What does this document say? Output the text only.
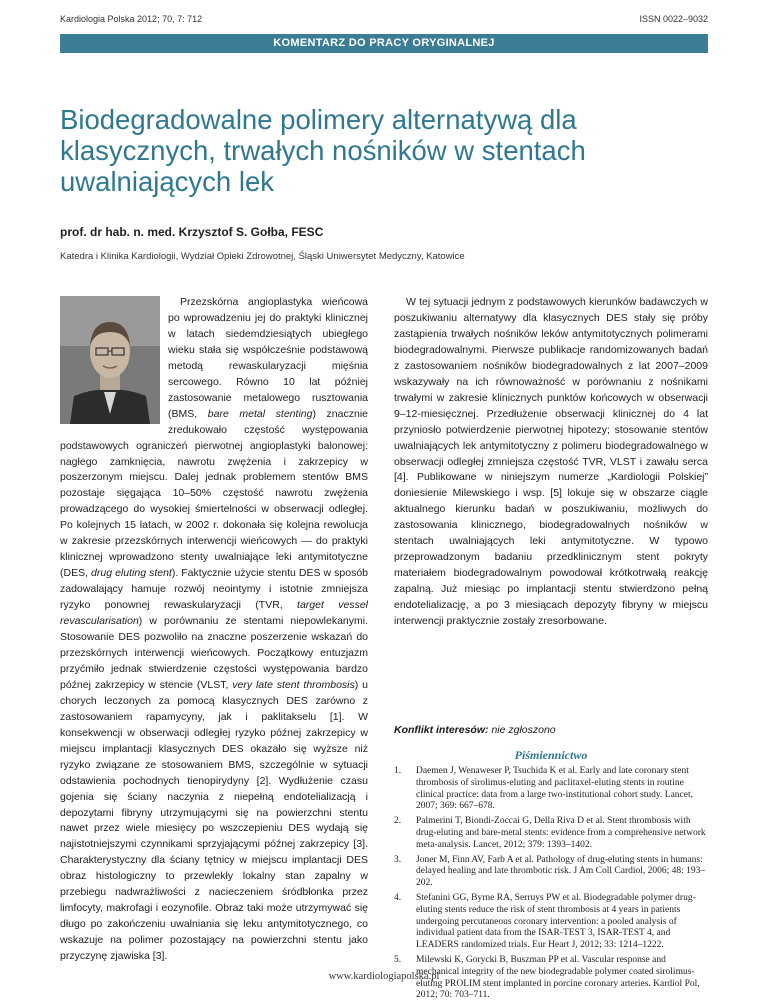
Kardiologia Polska 2012; 70, 7: 712	ISSN 0022–9032
KOMENTARZ DO PRACY ORYGINALNEJ
Biodegradowalne polimery alternatywą dla
klasycznych, trwałych nośników w stentach
uwalniających lek
prof. dr hab. n. med. Krzysztof S. Gołba, FESC
Katedra i Klinika Kardiologii, Wydział Opieki Zdrowotnej, Śląski Uniwersytet Medyczny, Katowice

Przezskórna angioplastyka wieńcowa po wprowadzeniu jej do praktyki klinicznej w latach siedemdziesiątych ubiegłego wieku stała się współcześnie podstawową metodą rewaskularyzacji mięśnia sercowego. Równo 10 lat później zastosowanie metalowego rusztowania (BMS, bare metal stenting) znacznie zredukowało częstość występowania podstawowych ograniczeń pierwotnej angioplastyki balonowej: nagłego zamknięcia, nawrotu zwężenia i zakrzepicy w poszerzonym miejscu. Dalej jednak problemem stentów BMS pozostaje sięgająca 10–50% częstość nawrotu zwężenia prowadzącego do wysokiej śmiertelności w obserwacji odległej. Po kolejnych 15 latach, w 2002 r. dokonała się kolejna rewolucja w zakresie przezskórnych interwencji wieńcowych — do praktyki klinicznej wprowadzono stenty uwalniające leki antymitotyczne (DES, drug eluting stent). Faktycznie użycie stentu DES w sposób zadowalający hamuje rozwój neointymy i istotnie zmniejsza ryzyko ponownej rewaskularyzacji (TVR, target vessel revascularisation) w porównaniu ze stentami niepowlekanymi. Stosowanie DES pozwoliło na znaczne poszerzenie wskazań do przezskórnych interwencji wieńcowych. Początkowy entuzjazm przyćmiło jednak stwierdzenie częstości występowania bardzo późnej zakrzepicy w stencie (VLST, very late stent thrombosis) u chorych leczonych za pomocą klasycznych DES zarówno z zastosowaniem rapamycyny, jak i paklitakselu [1]. W konsekwencji w obserwacji odległej ryzyko późnej zakrzepicy w miejscu implantacji klasycznych DES okazało się wyższe niż ryzyko związane ze stosowaniem BMS, szczególnie w sytuacji odstawienia pochodnych tienopirydyny [2]. Wydłużenie czasu gojenia się ściany naczynia z niepełną endotelializacją i depozytami fibryny utrzymującymi się na powierzchni stentu nawet przez wiele miesięcy po wszczepieniu DES wydają się najistotniejszymi czynnikami sprzyjającymi późnej zakrzepicy [3]. Charakterystyczny dla ściany tętnicy w miejscu implantacji DES obraz histologiczny to przewlekły lokalny stan zapalny w przebiegu nadwrażliwości z nacieczeniem śródbłonka przez limfocyty, makrofagi i eozynofile. Obraz taki może utrzymywać się długo po zakończeniu uwalniania się leku antymitotycznego, co wskazuje na polimer pozostający na powierzchni stentu jako przyczynę zjawiska [3].

W tej sytuacji jednym z podstawowych kierunków badawczych w poszukiwaniu alternatywy dla klasycznych DES stały się próby zastąpienia trwałych nośników leków antymitotycznych polimerami biodegradowalnymi. Pierwsze publikacje randomizowanych badań z zastosowaniem nośników biodegradowalnych z lat 2007–2009 wskazywały na ich równoważność w porównaniu z nośnikami trwałymi w zakresie klinicznych punktów końcowych w obserwacji 9–12-miesięcznej. Przedłużenie obserwacji klinicznej do 4 lat przyniosło potwierdzenie pierwotnej hipotezy; stosowanie stentów uwalniających lek antymitotyczny z polimeru biodegradowalnego w obserwacji odległej zmniejsza częstość TVR, VLST i zawału serca [4]. Publikowane w niniejszym numerze „Kardiologii Polskiej” doniesienie Milewskiego i wsp. [5] lokuje się w obszarze ciągle aktualnego kierunku badań w poszukiwaniu, możliwych do zastosowania klinicznego, biodegradowalnych nośników w stentach uwalniających leki antymitotyczne. W typowo przeprowadzonym badaniu przedklinicznym stent pokryty materiałem biodegradowalnym powodował krótkotrwałą reakcję zapalną. Już miesiąc po implantacji stentu stwierdzono pełną endotelializację, a po 3 miesiącach depozyty fibryny w miejscu interwencji praktycznie zostały zresorbowane.

Konflikt interesów: nie zgłoszono
Piśmiennictwo
1. Daemen J, Wenaweser P, Tsuchida K et al. Early and late coronary stent thrombosis of sirolimus-eluting and paclitaxel-eluting stents in routine clinical practice: data from a large two-institutional cohort study. Lancet, 2007; 369: 667–678.
2. Palmerini T, Biondi-Zoccai G, Della Riva D et al. Stent thrombosis with drug-eluting and bare-metal stents: evidence from a comprehensive network meta-analysis. Lancet, 2012; 379: 1393–1402.
3. Joner M, Finn AV, Farb A et al. Pathology of drug-eluting stents in humans: delayed healing and late thrombotic risk. J Am Coll Cardiol, 2006; 48: 193–202.
4. Stefanini GG, Byrne RA, Serruys PW et al. Biodegradable polymer drug-eluting stents reduce the risk of stent thrombosis at 4 years in patients undergoing percutaneous coronary intervention: a pooled analysis of individual patient data from the ISAR-TEST 3, ISAR-TEST 4, and LEADERS randomized trials. Eur Heart J, 2012; 33: 1214–1222.
5. Milewski K, Gorycki B, Buszman PP et al. Vascular response and mechanical integrity of the new biodegradable polymer coated sirolimus-eluting PROLIM stent implanted in porcine coronary arteries. Kardiol Pol, 2012; 70: 703–711.
www.kardiologiapolska.pl
